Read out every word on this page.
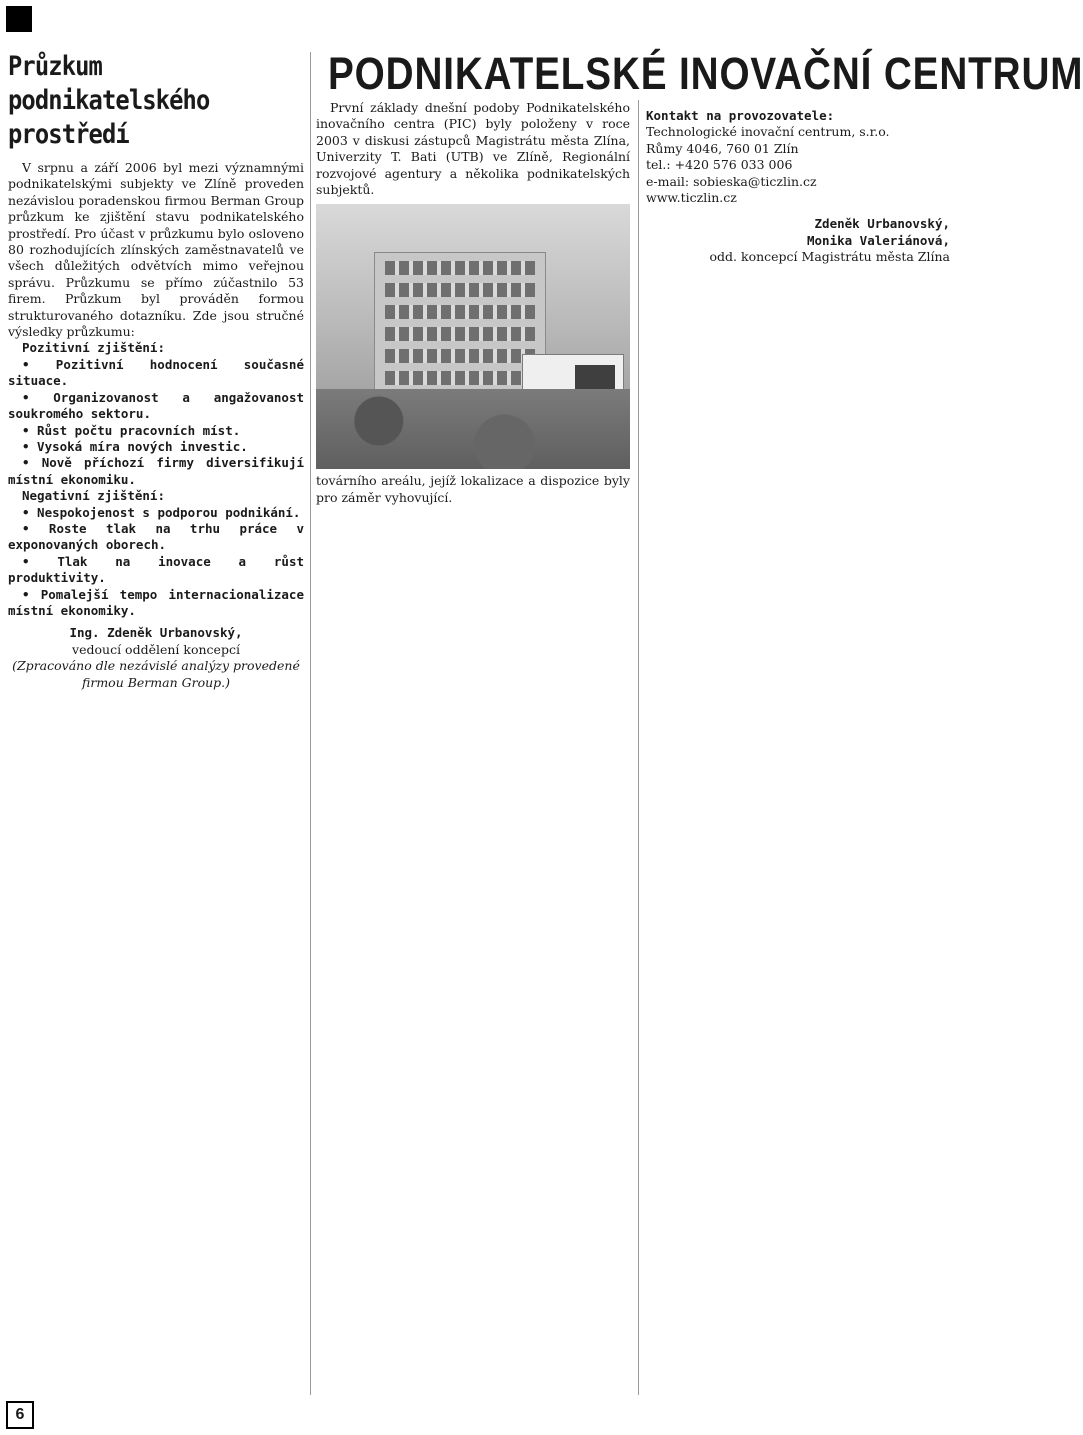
6
PODNIKATELSKÉ INOVAČNÍ CENTRUM
Průzkum podnikatelského prostředí

V srpnu a září 2006 byl mezi významnými podnikatelskými subjekty ve Zlíně proveden nezávislou poradenskou firmou Berman Group průzkum ke zjištění stavu podnikatelského prostředí. Pro účast v průzkumu bylo osloveno 80 rozhodujících zlínských zaměstnavatelů ve všech důležitých odvětvích mimo veřejnou správu. Průzkumu se přímo zúčastnilo 53 firem. Průzkum byl prováděn formou strukturovaného dotazníku. Zde jsou stručné výsledky průzkumu:

Pozitivní zjištění:

• Pozitivní hodnocení současné situace.

• Organizovanost a angažovanost soukromého sektoru.

• Růst počtu pracovních míst.

• Vysoká míra nových investic.

• Nově příchozí firmy diversifikují místní ekonomiku.

Negativní zjištění:

• Nespokojenost s podporou podnikání.

• Roste tlak na trhu práce v exponovaných oborech.

• Tlak na inovace a růst produktivity.

• Pomalejší tempo internacionalizace místní ekonomiky.

Ing. Zdeněk Urbanovský,
vedoucí oddělení koncepcí
(Zpracováno dle nezávislé analýzy provedené firmou Berman Group.)

První základy dnešní podoby Podnikatelského inovačního centra (PIC) byly položeny v roce 2003 v diskusi zástupců Magistrátu města Zlína, Univerzity T. Bati (UTB) ve Zlíně, Regionální rozvojové agentury a několika podnikatelských subjektů.

továrního areálu, jejíž lokalizace a dispozice byly pro záměr vyhovující.

Kontakt na provozovatele:
Technologické inovační centrum, s.r.o.
Růmy 4046, 760 01 Zlín
tel.: +420 576 033 006
e-mail: sobieska@ticzlin.cz
www.ticzlin.cz
Zdeněk Urbanovský,
Monika Valeriánová,
odd. koncepcí Magistrátu města Zlína
